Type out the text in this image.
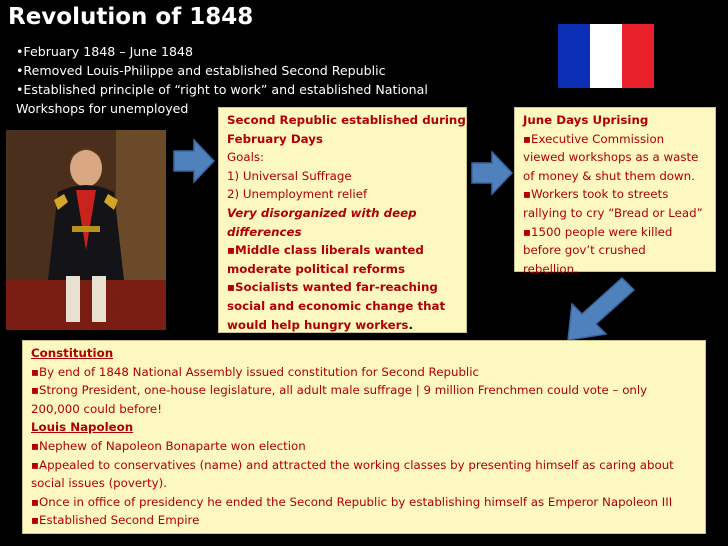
Revolution of 1848
•February 1848 – June 1848
•Removed Louis-Philippe and established Second Republic
•Established principle of “right to work” and established National
Workshops for unemployed
Second Republic established during
February Days
Goals:
1) Universal Suffrage
2) Unemployment relief
Very disorganized with deep
differences
▪Middle class liberals wanted
moderate political reforms
▪Socialists wanted far-reaching
social and economic change that
would help hungry workers.
June Days Uprising
▪Executive Commission
viewed workshops as a waste
of money & shut them down.
▪Workers took to streets
rallying to cry “Bread or Lead”
▪1500 people were killed
before gov’t crushed
rebellion.
Constitution
▪By end of 1848 National Assembly issued constitution for Second Republic
▪Strong President, one-house legislature, all adult male suffrage | 9 million Frenchmen could vote – only
200,000 could before!
Louis Napoleon
▪Nephew of Napoleon Bonaparte won election
▪Appealed to conservatives (name) and attracted the working classes by presenting himself as caring about
social issues (poverty).
▪Once in office of presidency he ended the Second Republic by establishing himself as Emperor Napoleon III
▪Established Second Empire
